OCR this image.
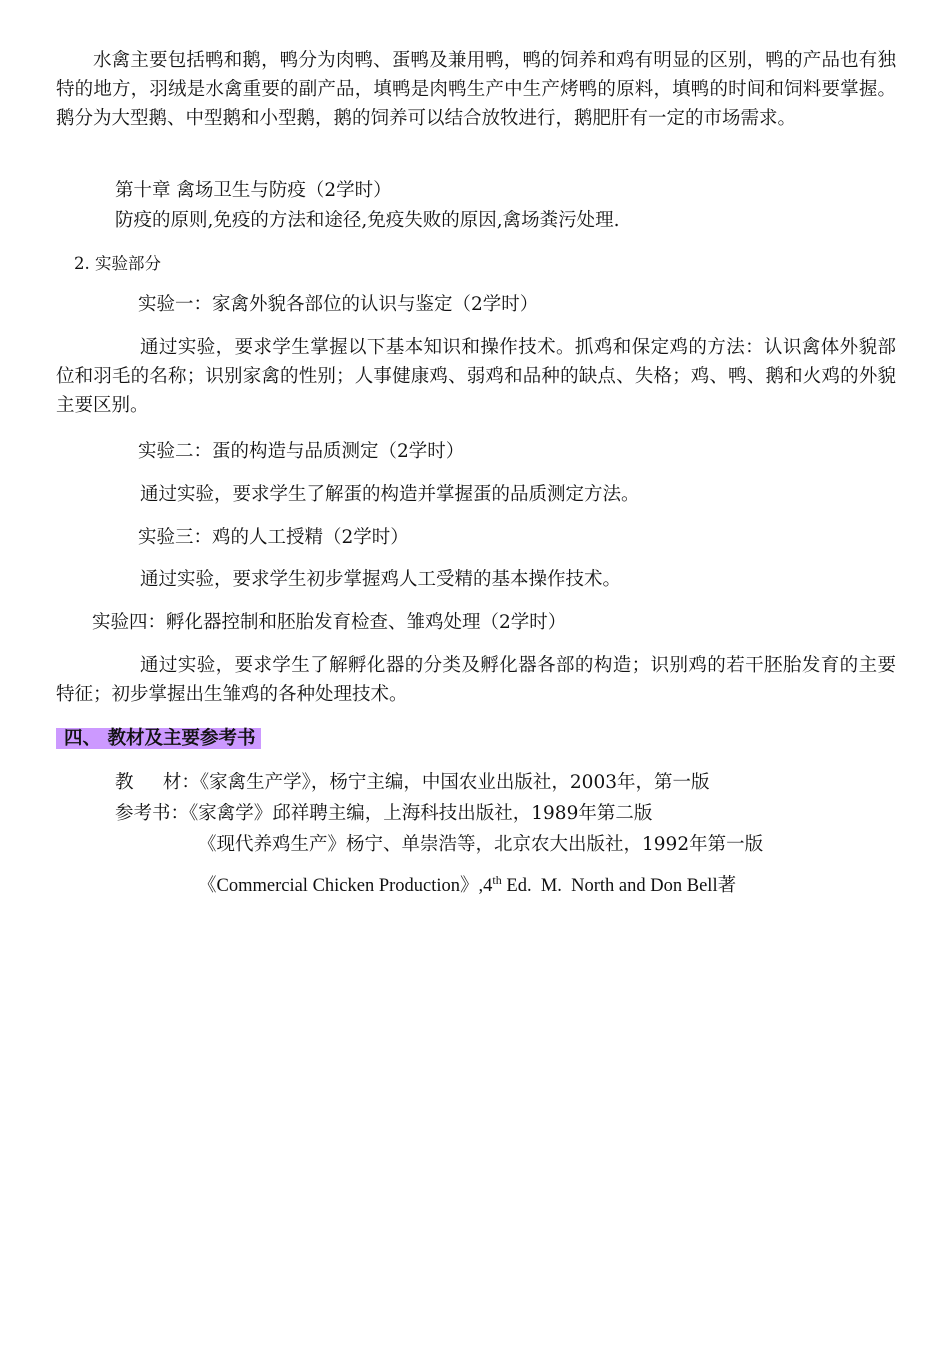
水禽主要包括鸭和鹅，鸭分为肉鸭、蛋鸭及兼用鸭，鸭的饲养和鸡有明显的区别，鸭的产品也有独特的地方，羽绒是水禽重要的副产品，填鸭是肉鸭生产中生产烤鸭的原料，填鸭的时间和饲料要掌握。鹅分为大型鹅、中型鹅和小型鹅，鹅的饲养可以结合放牧进行，鹅肥肝有一定的市场需求。
第十章 禽场卫生与防疫（2学时）
防疫的原则,免疫的方法和途径,免疫失败的原因,禽场粪污处理.
2. 实验部分
实验一：家禽外貌各部位的认识与鉴定（2学时）
通过实验，要求学生掌握以下基本知识和操作技术。抓鸡和保定鸡的方法：认识禽体外貌部位和羽毛的名称；识别家禽的性别；人事健康鸡、弱鸡和品种的缺点、失格；鸡、鸭、鹅和火鸡的外貌主要区别。
实验二：蛋的构造与品质测定（2学时）
通过实验，要求学生了解蛋的构造并掌握蛋的品质测定方法。
实验三：鸡的人工授精（2学时）
通过实验，要求学生初步掌握鸡人工受精的基本操作技术。
实验四：孵化器控制和胚胎发育检查、雏鸡处理（2学时）
通过实验，要求学生了解孵化器的分类及孵化器各部的构造；识别鸡的若干胚胎发育的主要特征；初步掌握出生雏鸡的各种处理技术。
四、 教材及主要参考书
教     材：《家禽生产学》，杨宁主编，中国农业出版社，2003年，第一版
参考书：《家禽学》邱祥聘主编，上海科技出版社，1989年第二版
《现代养鸡生产》杨宁、单崇浩等，北京农大出版社，1992年第一版
《Commercial Chicken Production》,4th Ed.  M.  North and Don Bell著
